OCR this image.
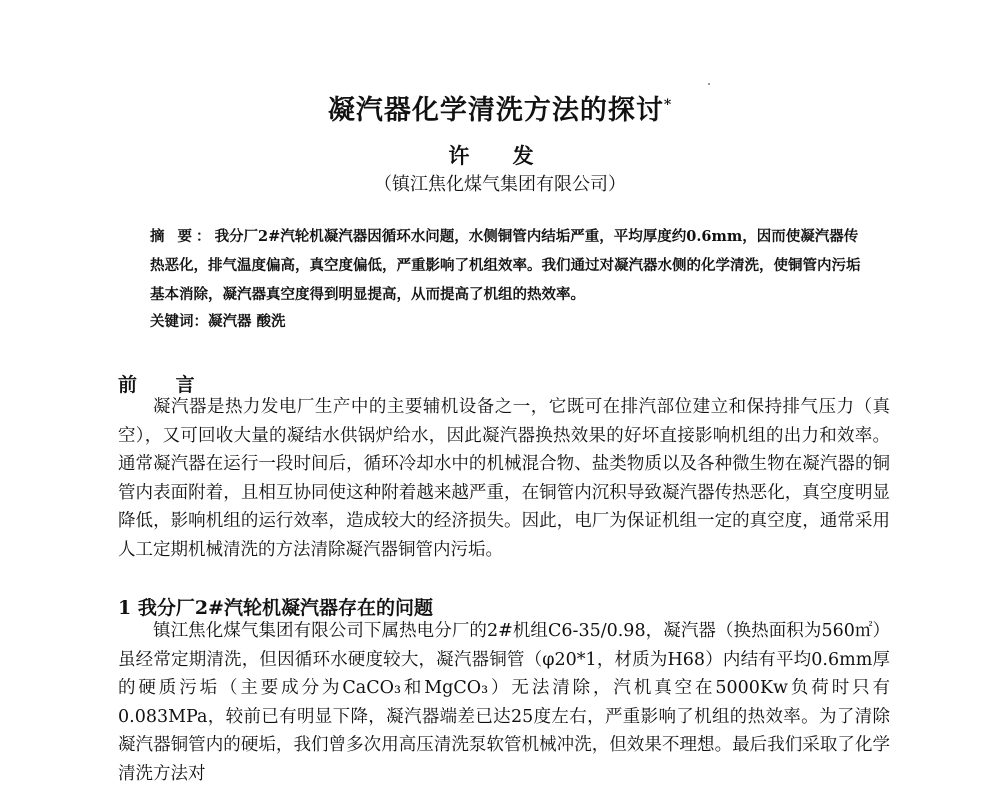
凝汽器化学清洗方法的探讨*
许 发
（镇江焦化煤气集团有限公司）
摘 要：我分厂2#汽轮机凝汽器因循环水问题，水侧铜管内结垢严重，平均厚度约0.6mm，因而使凝汽器传热恶化，排气温度偏高，真空度偏低，严重影响了机组效率。我们通过对凝汽器水侧的化学清洗，使铜管内污垢基本消除，凝汽器真空度得到明显提高，从而提高了机组的热效率。
关键词：凝汽器 酸洗
前 言
凝汽器是热力发电厂生产中的主要辅机设备之一，它既可在排汽部位建立和保持排气压力（真空），又可回收大量的凝结水供锅炉给水，因此凝汽器换热效果的好坏直接影响机组的出力和效率。通常凝汽器在运行一段时间后，循环冷却水中的机械混合物、盐类物质以及各种微生物在凝汽器的铜管内表面附着，且相互协同使这种附着越来越严重，在铜管内沉积导致凝汽器传热恶化，真空度明显降低，影响机组的运行效率，造成较大的经济损失。因此，电厂为保证机组一定的真空度，通常采用人工定期机械清洗的方法清除凝汽器铜管内污垢。
1 我分厂2#汽轮机凝汽器存在的问题
镇江焦化煤气集团有限公司下属热电分厂的2#机组C6-35/0.98，凝汽器（换热面积为560㎡）虽经常定期清洗，但因循环水硬度较大，凝汽器铜管（φ20*1，材质为H68）内结有平均0.6mm厚的硬质污垢（主要成分为CaCO₃和MgCO₃）无法清除，汽机真空在5000Kw负荷时只有0.083MPa，较前已有明显下降，凝汽器端差已达25度左右，严重影响了机组的热效率。为了清除凝汽器铜管内的硬垢，我们曾多次用高压清洗泵软管机械冲洗，但效果不理想。最后我们采取了化学清洗方法对
